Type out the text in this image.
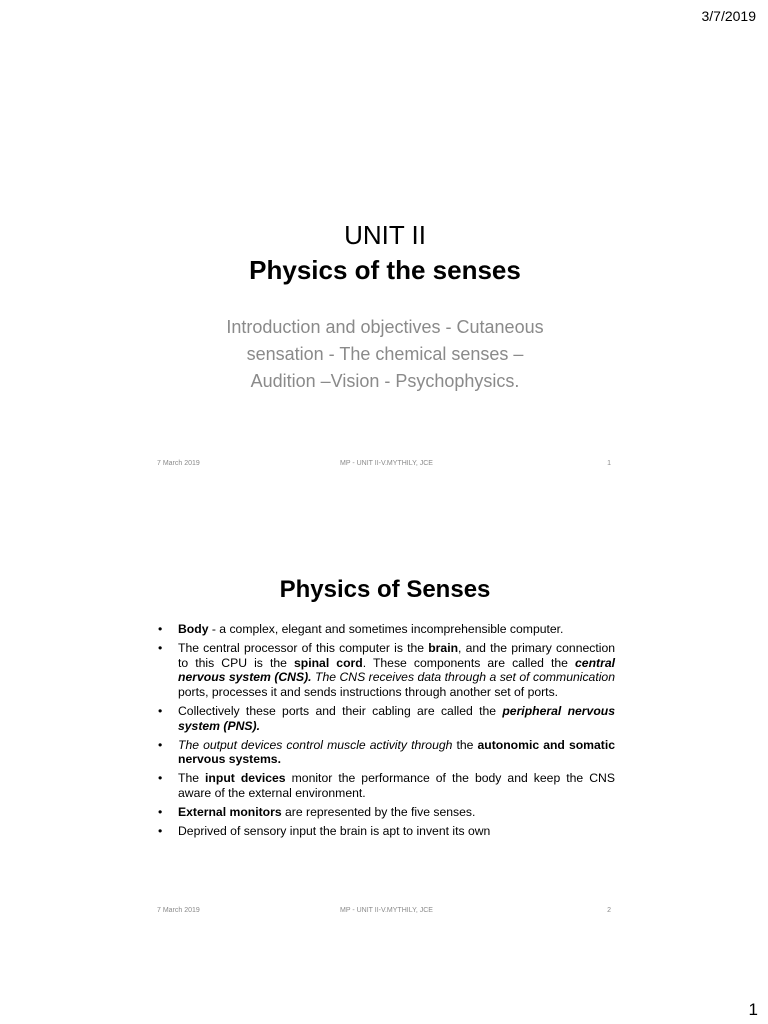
3/7/2019
UNIT II
Physics of the senses
Introduction and objectives - Cutaneous
sensation - The chemical senses –
Audition –Vision - Psychophysics.
7 March 2019	MP - UNIT II-V.MYTHILY, JCE	1
Physics of Senses
• Body - a complex, elegant and sometimes incomprehensible computer.
• The central processor of this computer is the brain, and the primary connection to this CPU is the spinal cord. These components are called the central nervous system (CNS). The CNS receives data through a set of communication ports, processes it and sends instructions through another set of ports.
• Collectively these ports and their cabling are called the peripheral nervous system (PNS).
• The output devices control muscle activity through the autonomic and somatic nervous systems.
• The input devices monitor the performance of the body and keep the CNS aware of the external environment.
• External monitors are represented by the five senses.
• Deprived of sensory input the brain is apt to invent its own
7 March 2019	MP - UNIT II-V.MYTHILY, JCE	2
1
